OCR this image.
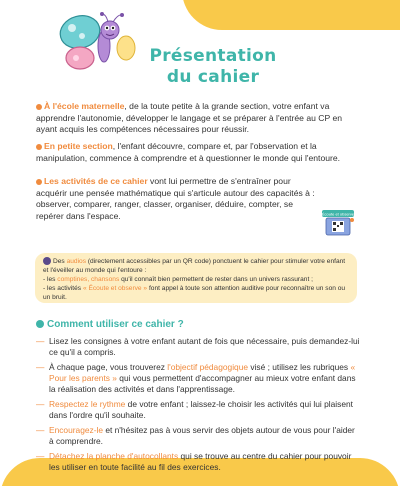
Présentation
du cahier
À l'école maternelle, de la toute petite à la grande section, votre enfant va apprendre l'autonomie, développer le langage et se préparer à l'entrée au CP en ayant acquis les compétences nécessaires pour réussir.
En petite section, l'enfant découvre, compare et, par l'observation et la manipulation, commence à comprendre et à questionner le monde qui l'entoure.
Les activités de ce cahier vont lui permettre de s'entraîner pour acquérir une pensée mathématique qui s'articule autour des capacités à : observer, comparer, ranger, classer, organiser, déduire, compter, se repérer dans l'espace.	Écoute et observe
Des audios (directement accessibles par un QR code) ponctuent le cahier pour stimuler votre enfant et l'éveiller au monde qui l'entoure :
- les comptines, chansons qu'il connaît bien permettent de rester dans un univers rassurant ;
- les activités « Écoute et observe » font appel à toute son attention auditive pour reconnaître un son ou un bruit.
Comment utiliser ce cahier ?
— Lisez les consignes à votre enfant autant de fois que nécessaire, puis demandez-lui ce qu'il a compris.
— À chaque page, vous trouverez l'objectif pédagogique visé ; utilisez les rubriques « Pour les parents » qui vous permettent d'accompagner au mieux votre enfant dans la réalisation des activités et dans l'apprentissage.
— Respectez le rythme de votre enfant ; laissez-le choisir les activités qui lui plaisent dans l'ordre qu'il souhaite.
— Encouragez-le et n'hésitez pas à vous servir des objets autour de vous pour l'aider à comprendre.
— Détachez la planche d'autocollants qui se trouve au centre du cahier pour pouvoir les utiliser en toute facilité au fil des exercices.
